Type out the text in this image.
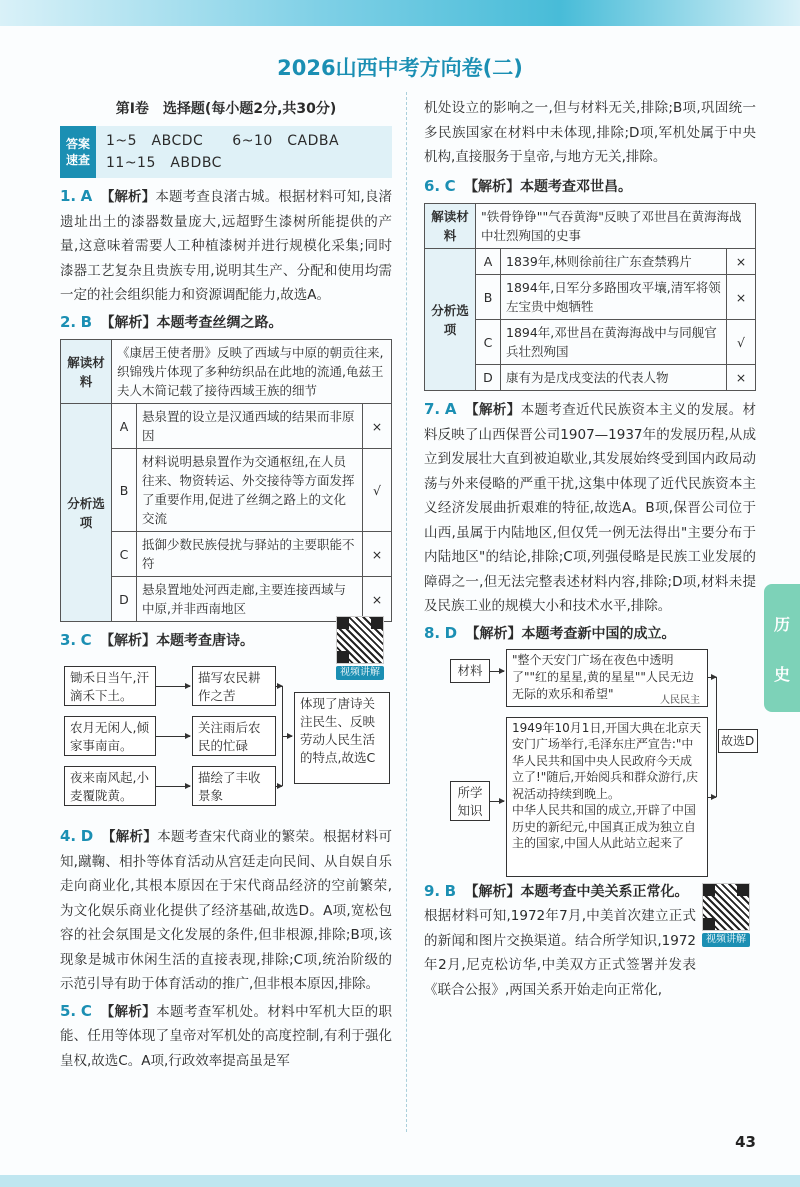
2026山西中考方向卷(二)
第Ⅰ卷　选择题(每小题2分,共30分)
答案速查
1~5　ABCDC　　6~10　CADBA
11~15　ABDBC

1. A 【解析】本题考查良渚古城。根据材料可知,良渚遗址出土的漆器数量庞大,远超野生漆树所能提供的产量,这意味着需要人工种植漆树并进行规模化采集;同时漆器工艺复杂且贵族专用,说明其生产、分配和使用均需一定的社会组织能力和资源调配能力,故选A。

2. B 【解析】本题考查丝绸之路。

解读材料	《康居王使者册》反映了西域与中原的朝贡往来,织锦残片体现了多种纺织品在此地的流通,龟兹王夫人木简记载了接待西域王族的细节		
分析选项	A	悬泉置的设立是汉通西域的结果而非原因	×
	B	材料说明悬泉置作为交通枢纽,在人员往来、物资转运、外交接待等方面发挥了重要作用,促进了丝绸之路上的文化交流	√
	C	抵御少数民族侵扰与驿站的主要职能不符	×
	D	悬泉置地处河西走廊,主要连接西域与中原,并非西南地区	×

3. C 【解析】本题考查唐诗。

视频讲解
锄禾日当午,汗滴禾下土。
农月无闲人,倾家事南亩。
夜来南风起,小麦覆陇黄。
描写农民耕作之苦
关注雨后农民的忙碌
描绘了丰收景象
体现了唐诗关注民生、反映劳动人民生活的特点,故选C

4. D 【解析】本题考查宋代商业的繁荣。根据材料可知,蹴鞠、相扑等体育活动从宫廷走向民间、从自娱自乐走向商业化,其根本原因在于宋代商品经济的空前繁荣,为文化娱乐商业化提供了经济基础,故选D。A项,宽松包容的社会氛围是文化发展的条件,但非根源,排除;B项,该现象是城市休闲生活的直接表现,排除;C项,统治阶级的示范引导有助于体育活动的推广,但非根本原因,排除。

5. C 【解析】本题考查军机处。材料中军机大臣的职能、任用等体现了皇帝对军机处的高度控制,有利于强化皇权,故选C。A项,行政效率提高虽是军

机处设立的影响之一,但与材料无关,排除;B项,巩固统一多民族国家在材料中未体现,排除;D项,军机处属于中央机构,直接服务于皇帝,与地方无关,排除。

6. C 【解析】本题考查邓世昌。

解读材料	"铁骨铮铮""气吞黄海"反映了邓世昌在黄海海战中壮烈殉国的史事		
分析选项	A	1839年,林则徐前往广东查禁鸦片	×
	B	1894年,日军分多路围攻平壤,清军将领左宝贵中炮牺牲	×
	C	1894年,邓世昌在黄海海战中与同舰官兵壮烈殉国	√
	D	康有为是戊戌变法的代表人物	×

7. A 【解析】本题考查近代民族资本主义的发展。材料反映了山西保晋公司1907—1937年的发展历程,从成立到发展壮大直到被迫歇业,其发展始终受到国内政局动荡与外来侵略的严重干扰,这集中体现了近代民族资本主义经济发展曲折艰难的特征,故选A。B项,保晋公司位于山西,虽属于内陆地区,但仅凭一例无法得出"主要分布于内陆地区"的结论,排除;C项,列强侵略是民族工业发展的障碍之一,但无法完整表述材料内容,排除;D项,材料未提及民族工业的规模大小和技术水平,排除。

8. D 【解析】本题考查新中国的成立。

材料
"整个天安门广场在夜色中透明了""红的星星,黄的星星""人民无边无际的欢乐和希望"	人民民主
所学知识
1949年10月1日,开国大典在北京天安门广场举行,毛泽东庄严宣告:"中华人民共和国中央人民政府今天成立了!"随后,开始阅兵和群众游行,庆祝活动持续到晚上。
中华人民共和国的成立,开辟了中国历史的新纪元,中国真正成为独立自主的国家,中国人从此站立起来了
故选D

9. B 【解析】本题考查中美关系正常化。

视频讲解

根据材料可知,1972年7月,中美首次建立正式的新闻和图片交换渠道。结合所学知识,1972年2月,尼克松访华,中美双方正式签署并发表《联合公报》,两国关系开始走向正常化,

历
史
43
